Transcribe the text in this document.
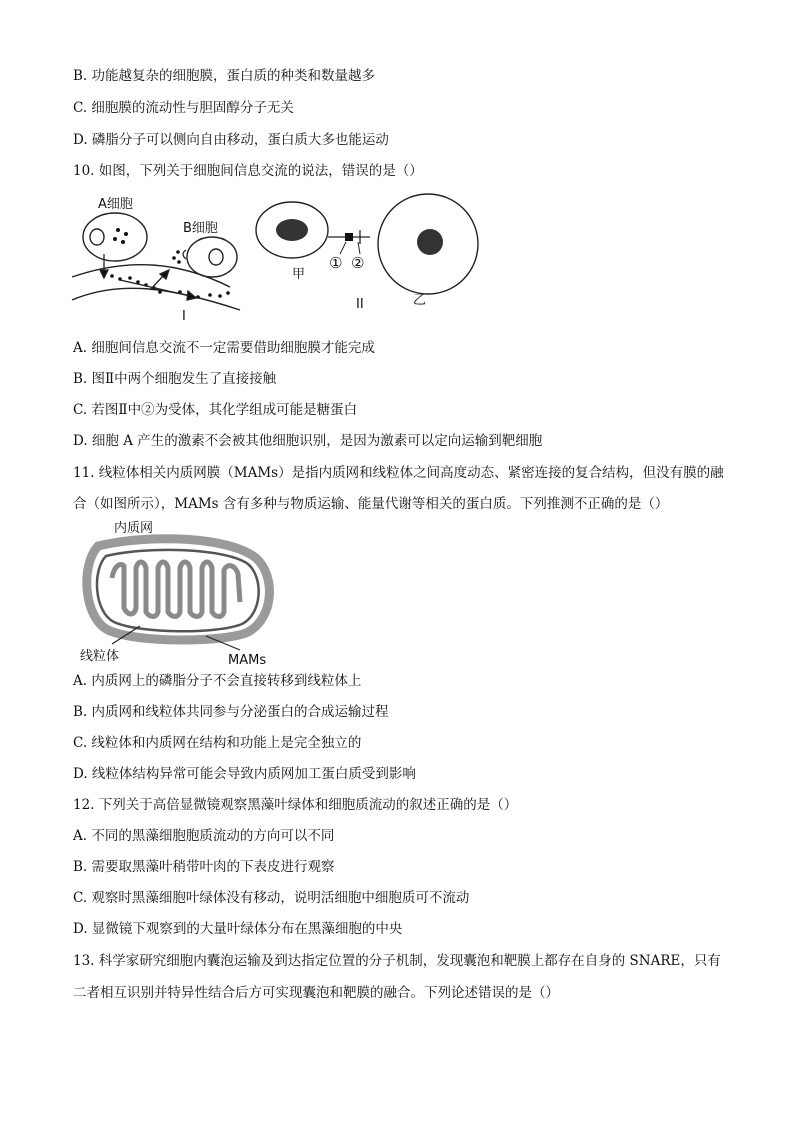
B. 功能越复杂的细胞膜，蛋白质的种类和数量越多
C. 细胞膜的流动性与胆固醇分子无关
D. 磷脂分子可以侧向自由移动，蛋白质大多也能运动
10. 如图，下列关于细胞间信息交流的说法，错误的是（）
A细胞
B细胞
I
甲
① ②
II	乙
A. 细胞间信息交流不一定需要借助细胞膜才能完成
B. 图Ⅱ中两个细胞发生了直接接触
C. 若图Ⅱ中②为受体，其化学组成可能是糖蛋白
D. 细胞 A 产生的激素不会被其他细胞识别，是因为激素可以定向运输到靶细胞
11. 线粒体相关内质网膜（MAMs）是指内质网和线粒体之间高度动态、紧密连接的复合结构，但没有膜的融
合（如图所示），MAMs 含有多种与物质运输、能量代谢等相关的蛋白质。下列推测不正确的是（）
内质网
线粒体	MAMs
A. 内质网上的磷脂分子不会直接转移到线粒体上
B. 内质网和线粒体共同参与分泌蛋白的合成运输过程
C. 线粒体和内质网在结构和功能上是完全独立的
D. 线粒体结构异常可能会导致内质网加工蛋白质受到影响
12. 下列关于高倍显微镜观察黑藻叶绿体和细胞质流动的叙述正确的是（）
A. 不同的黑藻细胞胞质流动的方向可以不同
B. 需要取黑藻叶稍带叶肉的下表皮进行观察
C. 观察时黑藻细胞叶绿体没有移动，说明活细胞中细胞质可不流动
D. 显微镜下观察到的大量叶绿体分布在黑藻细胞的中央
13. 科学家研究细胞内囊泡运输及到达指定位置的分子机制，发现囊泡和靶膜上都存在自身的 SNARE，只有
二者相互识别并特异性结合后方可实现囊泡和靶膜的融合。下列论述错误的是（）
